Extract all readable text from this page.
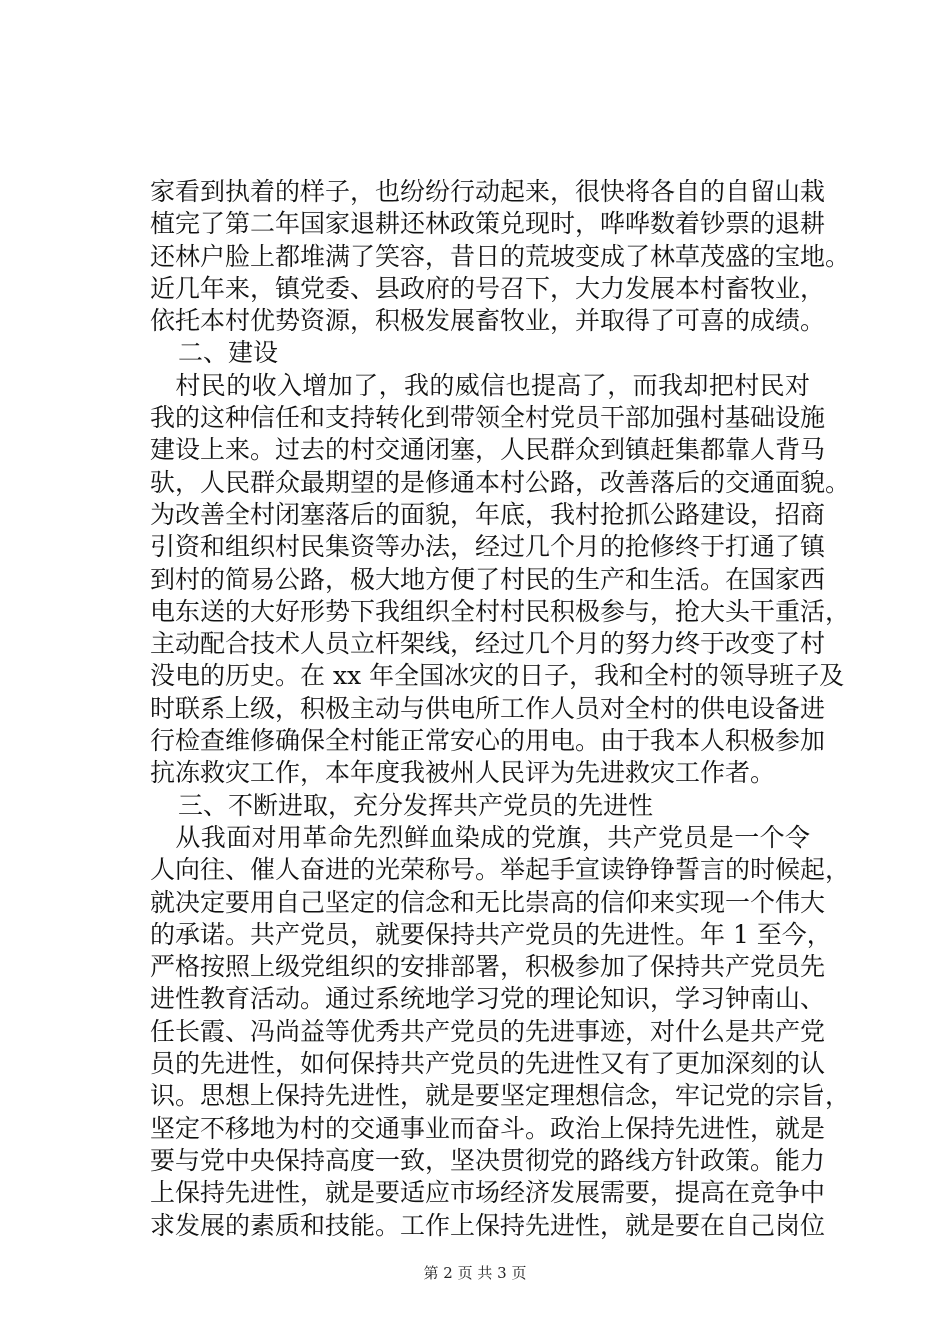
家看到执着的样子，也纷纷行动起来，很快将各自的自留山栽
植完了第二年国家退耕还林政策兑现时，哗哗数着钞票的退耕
还林户脸上都堆满了笑容，昔日的荒坡变成了林草茂盛的宝地。
近几年来，镇党委、县政府的号召下，大力发展本村畜牧业，
依托本村优势资源，积极发展畜牧业，并取得了可喜的成绩。
二、建设
　村民的收入增加了，我的威信也提高了，而我却把村民对
我的这种信任和支持转化到带领全村党员干部加强村基础设施
建设上来。过去的村交通闭塞，人民群众到镇赶集都靠人背马
驮，人民群众最期望的是修通本村公路，改善落后的交通面貌。
为改善全村闭塞落后的面貌，年底，我村抢抓公路建设，招商
引资和组织村民集资等办法，经过几个月的抢修终于打通了镇
到村的简易公路，极大地方便了村民的生产和生活。在国家西
电东送的大好形势下我组织全村村民积极参与，抢大头干重活，
主动配合技术人员立杆架线，经过几个月的努力终于改变了村
没电的历史。在 xx 年全国冰灾的日子，我和全村的领导班子及
时联系上级，积极主动与供电所工作人员对全村的供电设备进
行检查维修确保全村能正常安心的用电。由于我本人积极参加
抗冻救灾工作，本年度我被州人民评为先进救灾工作者。
三、不断进取，充分发挥共产党员的先进性
　从我面对用革命先烈鲜血染成的党旗，共产党员是一个令
人向往、催人奋进的光荣称号。举起手宣读铮铮誓言的时候起，
就决定要用自己坚定的信念和无比崇高的信仰来实现一个伟大
的承诺。共产党员，就要保持共产党员的先进性。年 1 至今，
严格按照上级党组织的安排部署，积极参加了保持共产党员先
进性教育活动。通过系统地学习党的理论知识，学习钟南山、
任长霞、冯尚益等优秀共产党员的先进事迹，对什么是共产党
员的先进性，如何保持共产党员的先进性又有了更加深刻的认
识。思想上保持先进性，就是要坚定理想信念，牢记党的宗旨，
坚定不移地为村的交通事业而奋斗。政治上保持先进性，就是
要与党中央保持高度一致，坚决贯彻党的路线方针政策。能力
上保持先进性，就是要适应市场经济发展需要，提高在竞争中
求发展的素质和技能。工作上保持先进性，就是要在自己岗位
第 2 页 共 3 页
